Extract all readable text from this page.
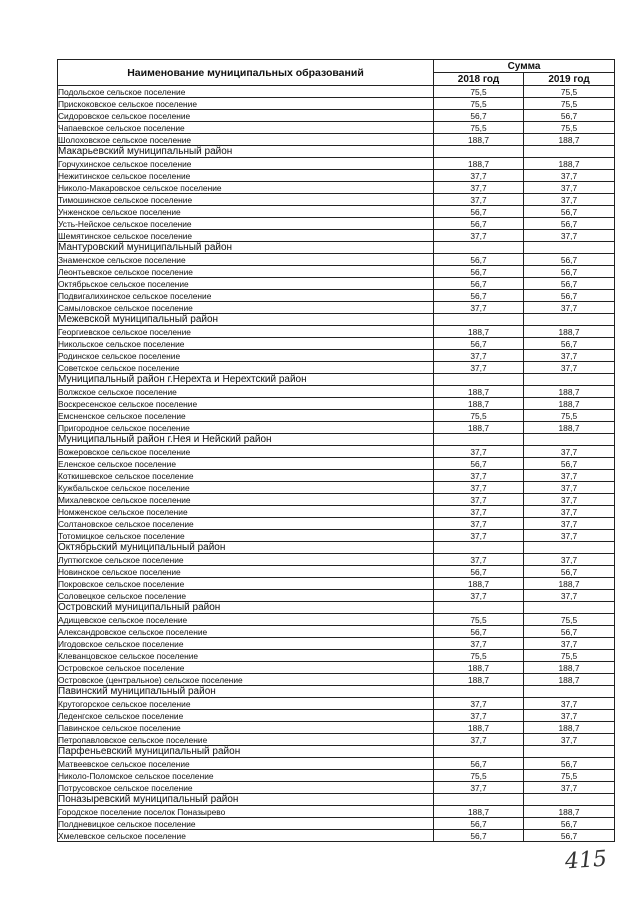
Наименование муниципальных образований	Сумма	
	2018 год	2019 год
Подольское сельское поселение	75,5	75,5
Прискоковское сельское поселение	75,5	75,5
Сидоровское сельское поселение	56,7	56,7
Чапаевское сельское поселение	75,5	75,5
Шолоховское сельское поселение	188,7	188,7
Макарьевский муниципальный район		
Горчухинское сельское поселение	188,7	188,7
Нежитинское сельское поселение	37,7	37,7
Николо-Макаровское сельское поселение	37,7	37,7
Тимошинское сельское поселение	37,7	37,7
Унженское сельское поселение	56,7	56,7
Усть-Нейское сельское поселение	56,7	56,7
Шемятинское сельское поселение	37,7	37,7
Мантуровский муниципальный район		
Знаменское сельское поселение	56,7	56,7
Леонтьевское сельское поселение	56,7	56,7
Октябрьское сельское поселение	56,7	56,7
Подвигалихинское сельское поселение	56,7	56,7
Самыловское сельское поселение	37,7	37,7
Межевской муниципальный район		
Георгиевское сельское поселение	188,7	188,7
Никольское сельское поселение	56,7	56,7
Родинское сельское поселение	37,7	37,7
Советское сельское поселение	37,7	37,7
Муниципальный район г.Нерехта и Нерехтский район		
Волжское сельское поселение	188,7	188,7
Воскресенское сельское поселение	188,7	188,7
Емсненское сельское поселение	75,5	75,5
Пригородное сельское поселение	188,7	188,7
Муниципальный район г.Нея и Нейский район		
Вожеровское сельское поселение	37,7	37,7
Еленское сельское поселение	56,7	56,7
Коткишевское сельское поселение	37,7	37,7
Кужбальское сельское поселение	37,7	37,7
Михалевское сельское поселение	37,7	37,7
Номженское сельское поселение	37,7	37,7
Солтановское сельское поселение	37,7	37,7
Тотомицкое сельское поселение	37,7	37,7
Октябрьский муниципальный район		
Луптюгское сельское поселение	37,7	37,7
Новинское сельское поселение	56,7	56,7
Покровское сельское поселение	188,7	188,7
Соловецкое сельское поселение	37,7	37,7
Островский муниципальный район		
Адищевское сельское поселение	75,5	75,5
Александровское сельское поселение	56,7	56,7
Игодовское сельское поселение	37,7	37,7
Клеванцовское сельское поселение	75,5	75,5
Островское сельское поселение	188,7	188,7
Островское (центральное) сельское поселение	188,7	188,7
Павинский муниципальный район		
Крутогорское сельское поселение	37,7	37,7
Леденгское сельское поселение	37,7	37,7
Павинское сельское поселение	188,7	188,7
Петропавловское сельское поселение	37,7	37,7
Парфеньевский муниципальный район		
Матвеевское сельское поселение	56,7	56,7
Николо-Поломское сельское поселение	75,5	75,5
Потрусовское сельское поселение	37,7	37,7
Поназыревский муниципальный район		
Городское поселение поселок Поназырево	188,7	188,7
Полдневицкое сельское поселение	56,7	56,7
Хмелевское сельское поселение	56,7	56,7
415
